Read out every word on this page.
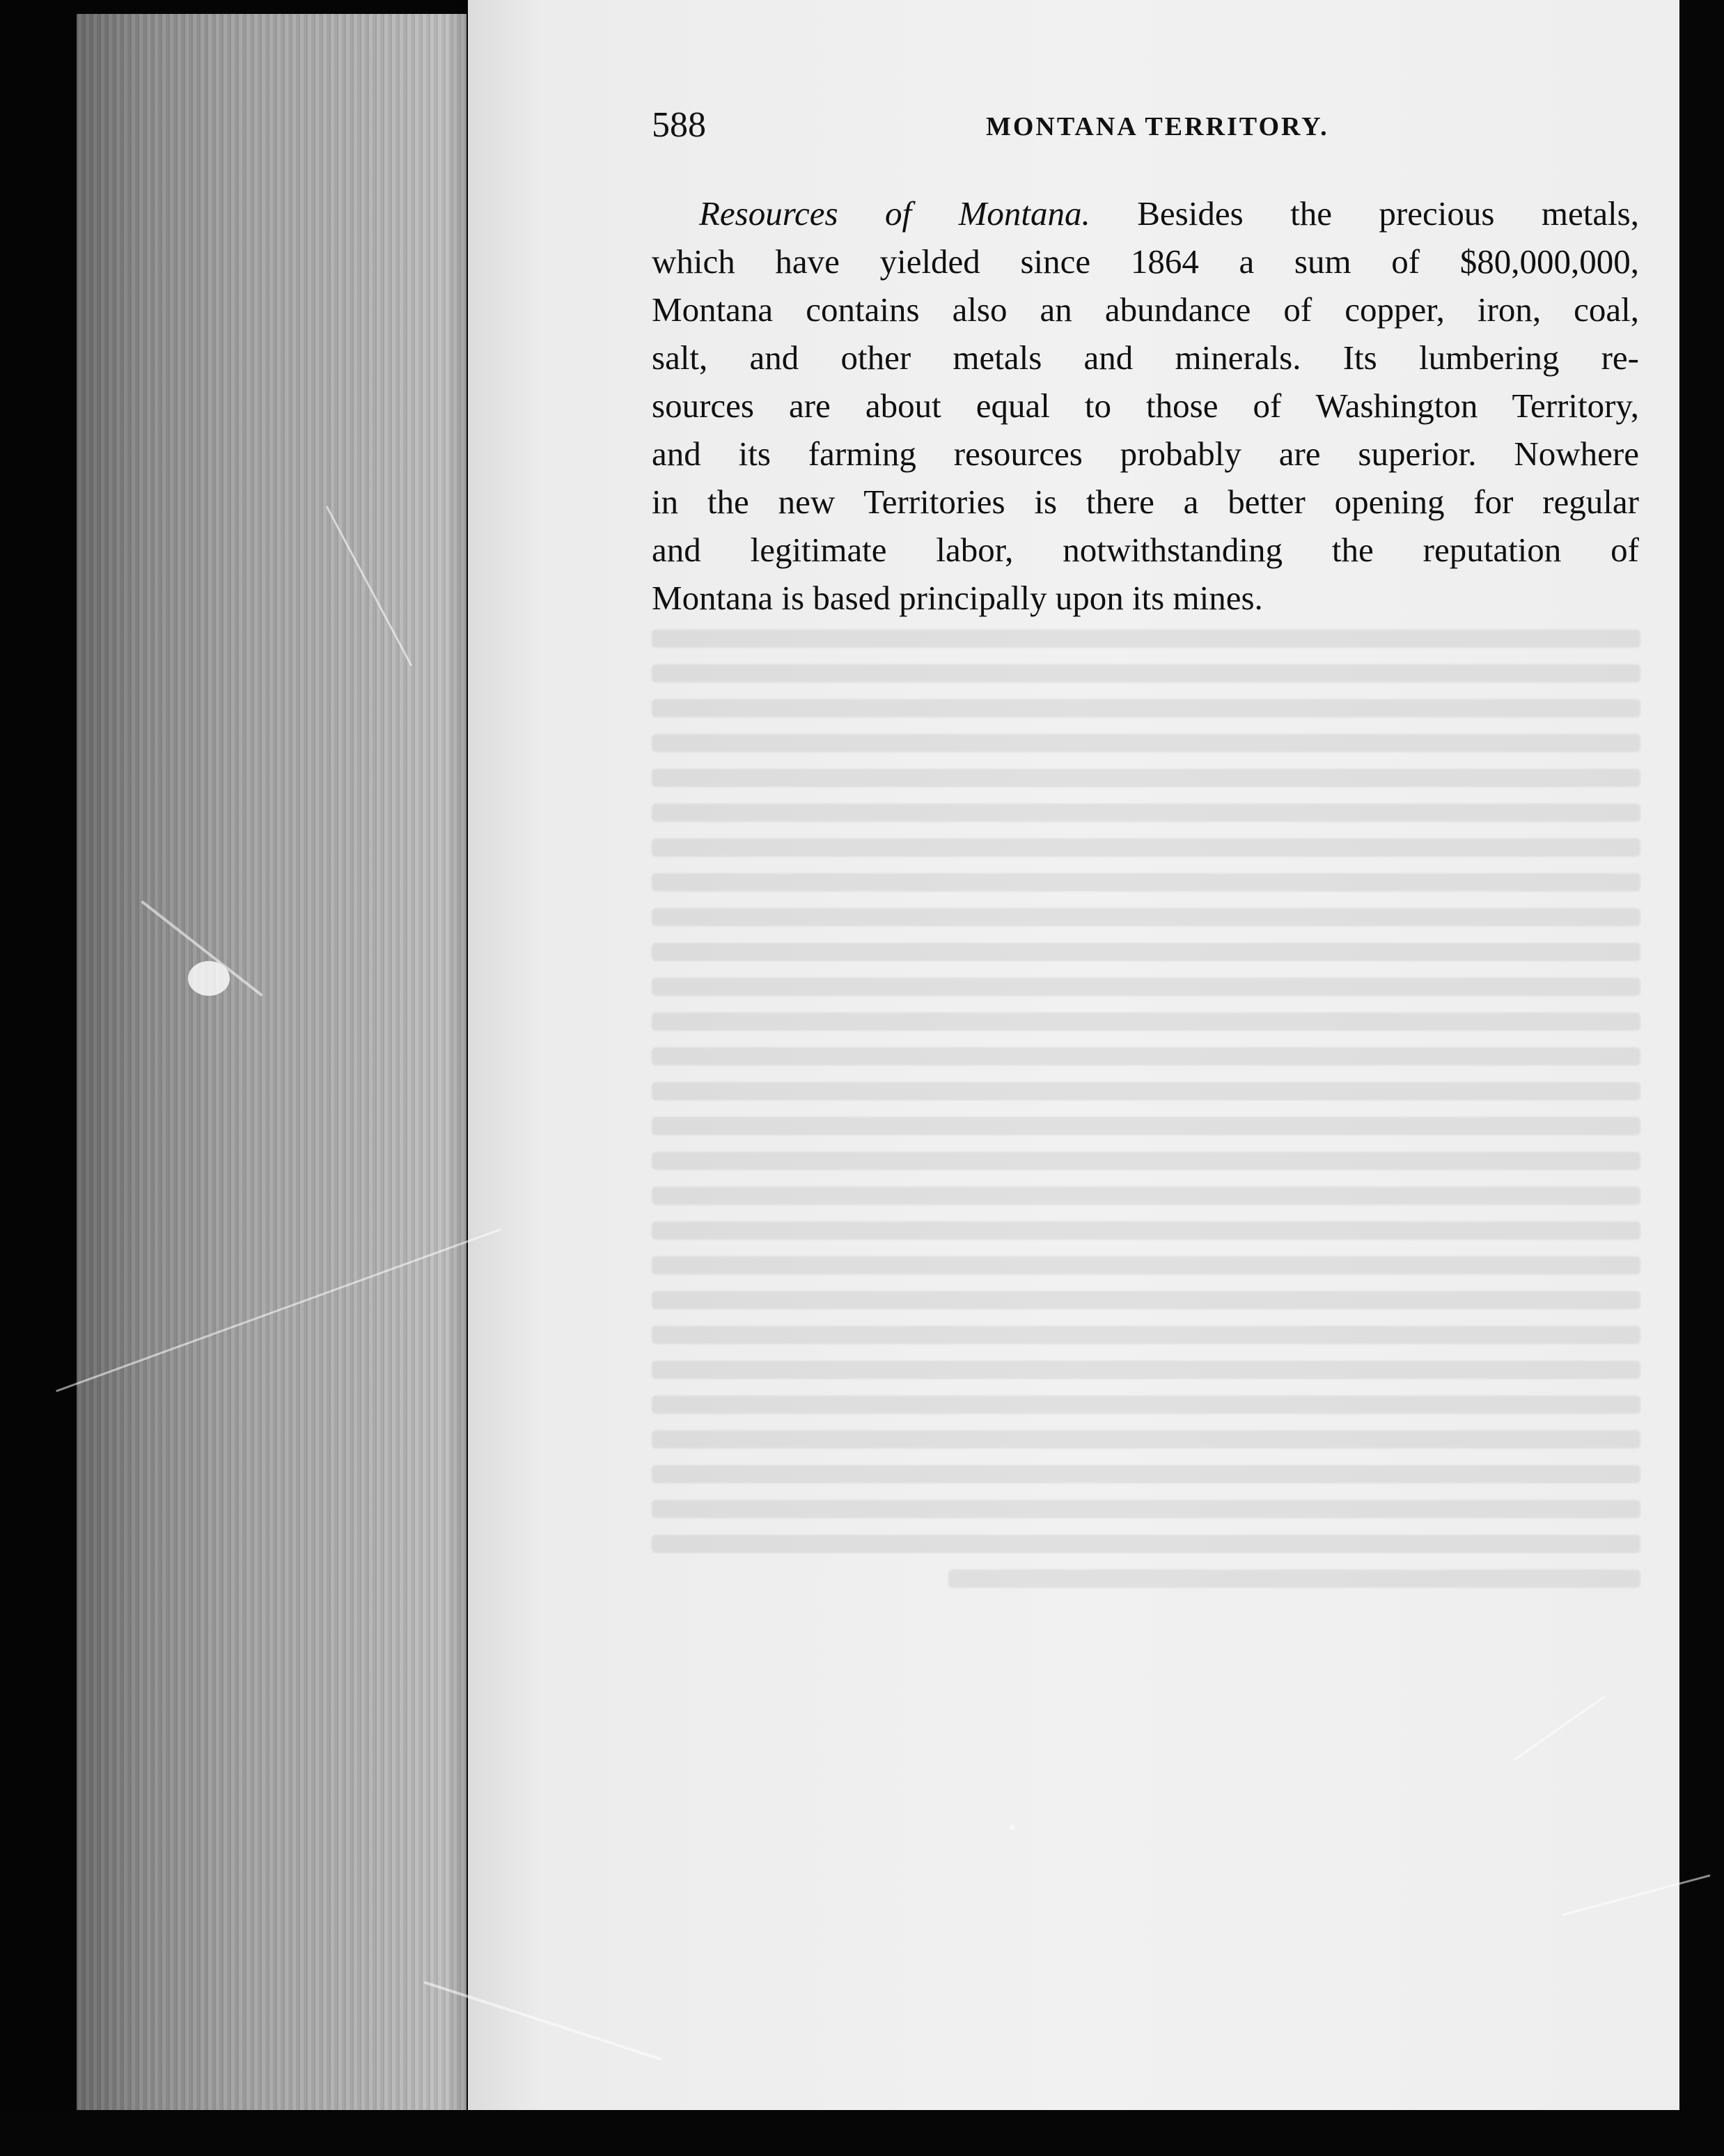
588	MONTANA TERRITORY.
Resources of Montana. Besides the precious metals,
which have yielded since 1864 a sum of $80,000,000,
Montana contains also an abundance of copper, iron, coal,
salt, and other metals and minerals. Its lumbering re-
sources are about equal to those of Washington Territory,
and its farming resources probably are superior. Nowhere
in the new Territories is there a better opening for regular
and legitimate labor, notwithstanding the reputation of
Montana is based principally upon its mines.
